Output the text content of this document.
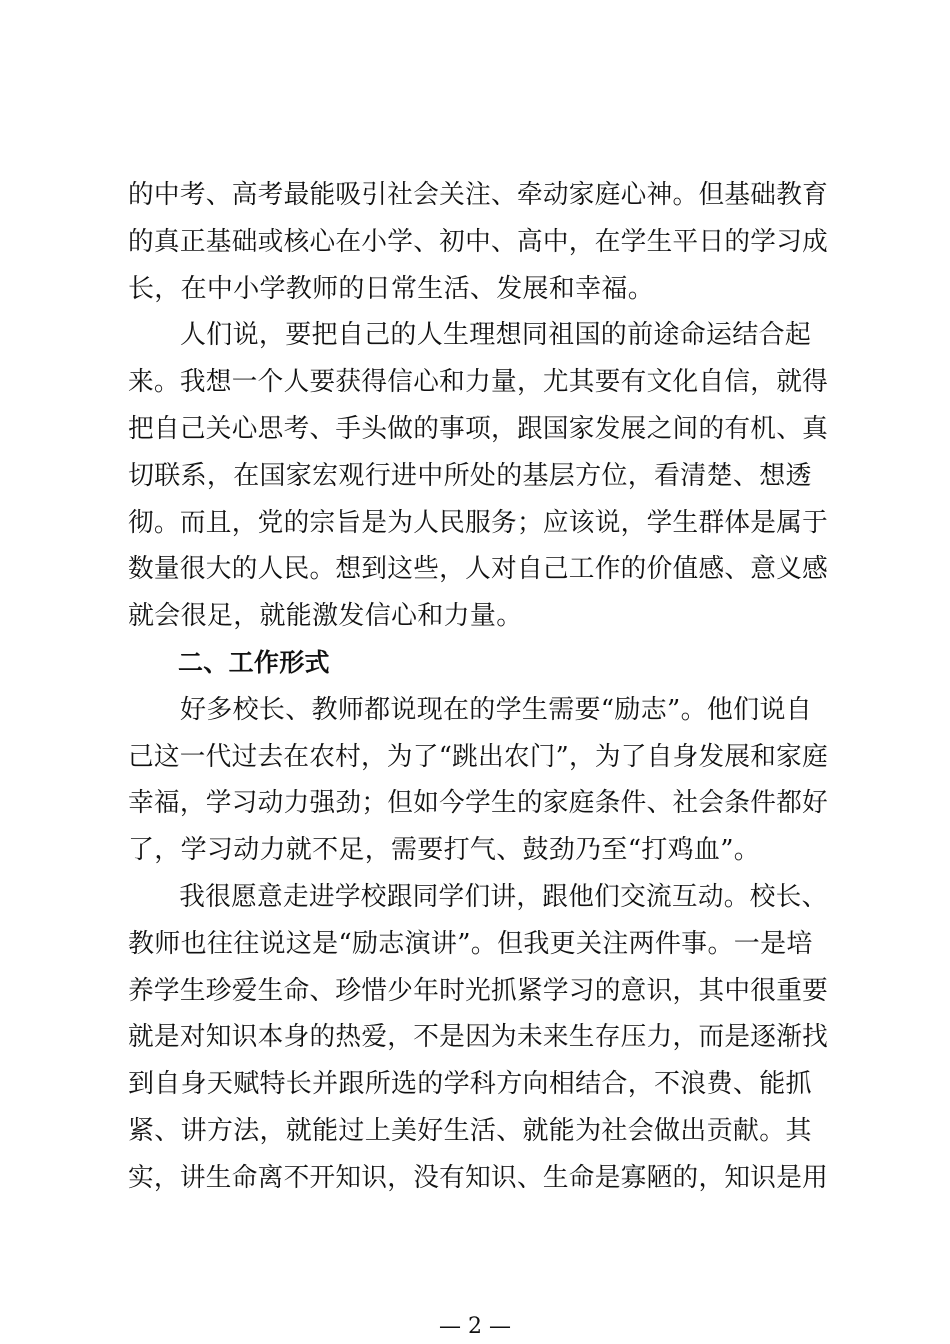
的中考、高考最能吸引社会关注、牵动家庭心神。但基础教育
的真正基础或核心在小学、初中、高中，在学生平日的学习成
长，在中小学教师的日常生活、发展和幸福。
人们说，要把自己的人生理想同祖国的前途命运结合起
来。我想一个人要获得信心和力量，尤其要有文化自信，就得
把自己关心思考、手头做的事项，跟国家发展之间的有机、真
切联系，在国家宏观行进中所处的基层方位，看清楚、想透
彻。而且，党的宗旨是为人民服务；应该说，学生群体是属于
数量很大的人民。想到这些，人对自己工作的价值感、意义感
就会很足，就能激发信心和力量。
二、工作形式
好多校长、教师都说现在的学生需要“励志”。他们说自
己这一代过去在农村，为了“跳出农门”，为了自身发展和家庭
幸福，学习动力强劲；但如今学生的家庭条件、社会条件都好
了，学习动力就不足，需要打气、鼓劲乃至“打鸡血”。
我很愿意走进学校跟同学们讲，跟他们交流互动。校长、
教师也往往说这是“励志演讲”。但我更关注两件事。一是培
养学生珍爱生命、珍惜少年时光抓紧学习的意识，其中很重要
就是对知识本身的热爱，不是因为未来生存压力，而是逐渐找
到自身天赋特长并跟所选的学科方向相结合，不浪费、能抓
紧、讲方法，就能过上美好生活、就能为社会做出贡献。其
实，讲生命离不开知识，没有知识、生命是寡陋的，知识是用
— 2 —
